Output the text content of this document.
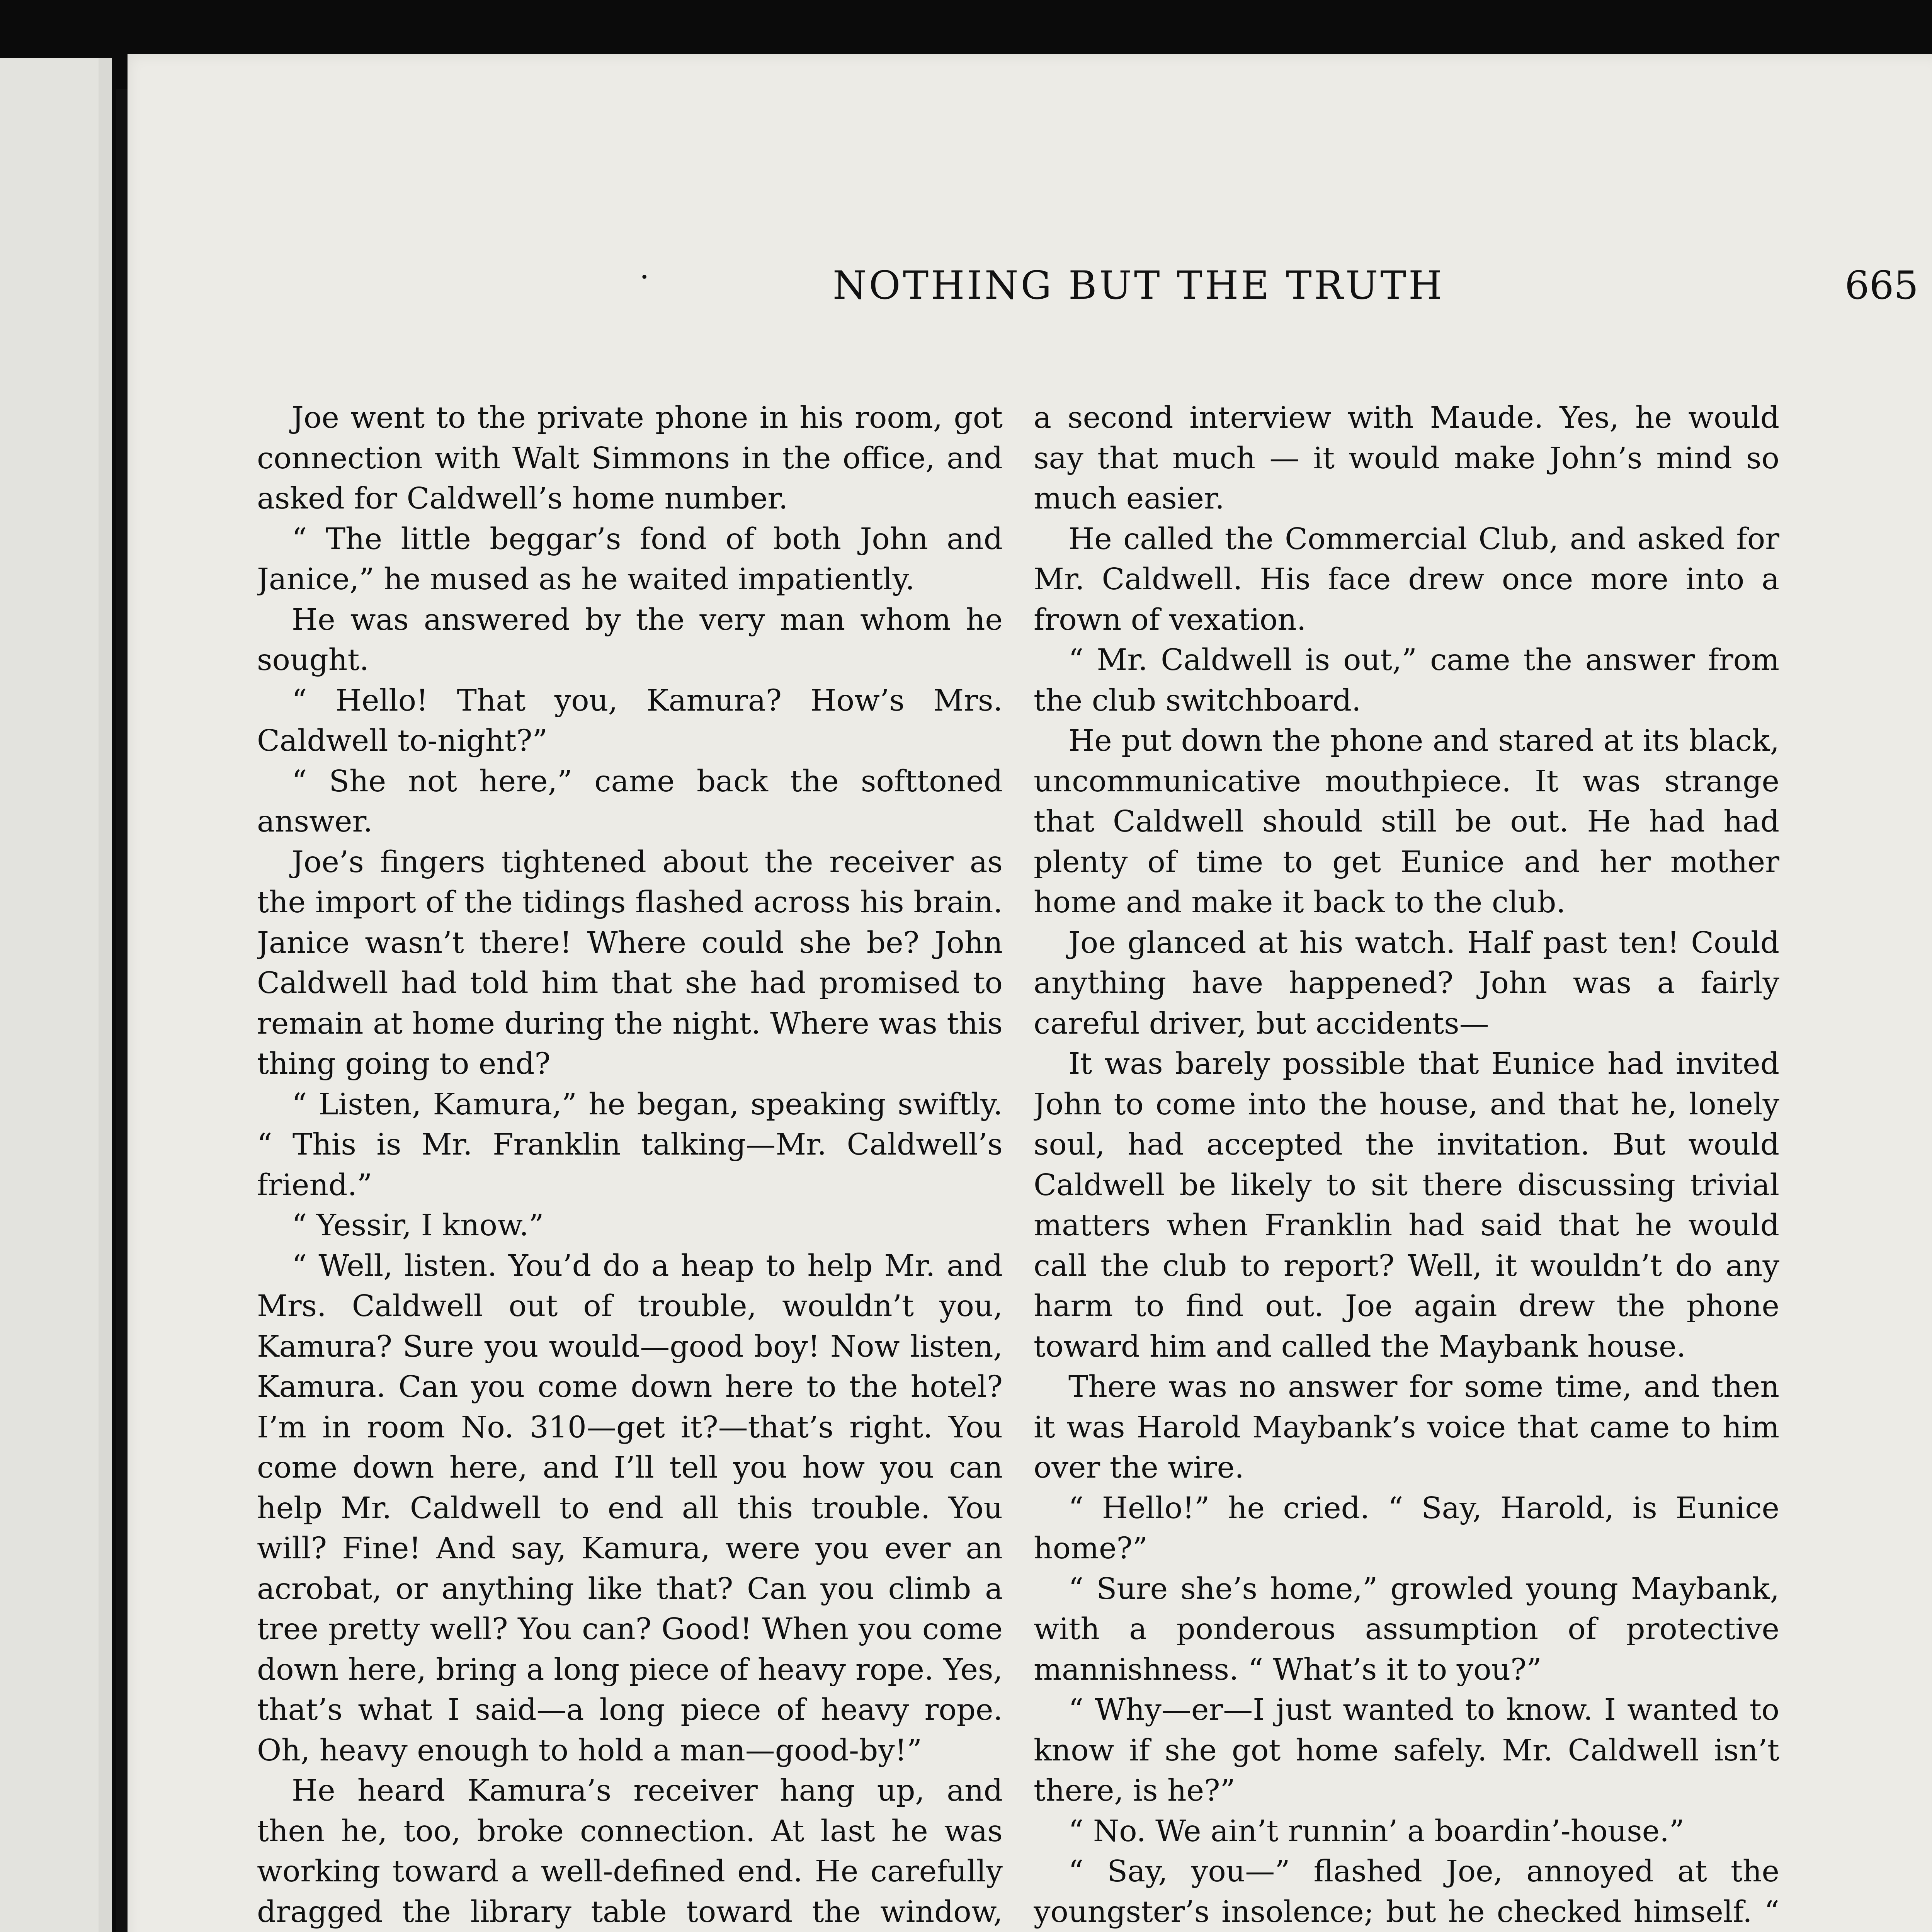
·	NOTHING BUT THE TRUTH	665

Joe went to the private phone in his room, got connection with Walt Simmons in the office, and asked for Caldwell’s home number.

“ The little beggar’s fond of both John and Janice,” he mused as he waited impatiently.

He was answered by the very man whom he sought.

“ Hello! That you, Kamura? How’s Mrs. Caldwell to-night?”

“ She not here,” came back the softtoned answer.

Joe’s fingers tightened about the receiver as the import of the tidings flashed across his brain. Janice wasn’t there! Where could she be? John Caldwell had told him that she had promised to remain at home during the night. Where was this thing going to end?

“ Listen, Kamura,” he began, speaking swiftly. “ This is Mr. Franklin talking—Mr. Caldwell’s friend.”

“ Yessir, I know.”

“ Well, listen. You’d do a heap to help Mr. and Mrs. Caldwell out of trouble, wouldn’t you, Kamura? Sure you would—good boy! Now listen, Kamura. Can you come down here to the hotel? I’m in room No. 310—get it?—that’s right. You come down here, and I’ll tell you how you can help Mr. Caldwell to end all this trouble. You will? Fine! And say, Kamura, were you ever an acrobat, or anything like that? Can you climb a tree pretty well? You can? Good! When you come down here, bring a long piece of heavy rope. Yes, that’s what I said—a long piece of heavy rope. Oh, heavy enough to hold a man—good-by!”

He heard Kamura’s receiver hang up, and then he, too, broke connection. At last he was working toward a well-defined end. He carefully dragged the library table toward the window,

a second interview with Maude. Yes, he would say that much — it would make John’s mind so much easier.

He called the Commercial Club, and asked for Mr. Caldwell. His face drew once more into a frown of vexation.

“ Mr. Caldwell is out,” came the answer from the club switchboard.

He put down the phone and stared at its black, uncommunicative mouthpiece. It was strange that Caldwell should still be out. He had had plenty of time to get Eunice and her mother home and make it back to the club.

Joe glanced at his watch. Half past ten! Could anything have happened? John was a fairly careful driver, but accidents—

It was barely possible that Eunice had invited John to come into the house, and that he, lonely soul, had accepted the invitation. But would Caldwell be likely to sit there discussing trivial matters when Franklin had said that he would call the club to report? Well, it wouldn’t do any harm to find out. Joe again drew the phone toward him and called the Maybank house.

There was no answer for some time, and then it was Harold Maybank’s voice that came to him over the wire.

“ Hello!” he cried. “ Say, Harold, is Eunice home?”

“ Sure she’s home,” growled young Maybank, with a ponderous assumption of protective mannishness. “ What’s it to you?”

“ Why—er—I just wanted to know. I wanted to know if she got home safely. Mr. Caldwell isn’t there, is he?”

“ No. We ain’t runnin’ a boardin’-house.”

“ Say, you—” flashed Joe, annoyed at the youngster’s insolence; but he checked himself. “
